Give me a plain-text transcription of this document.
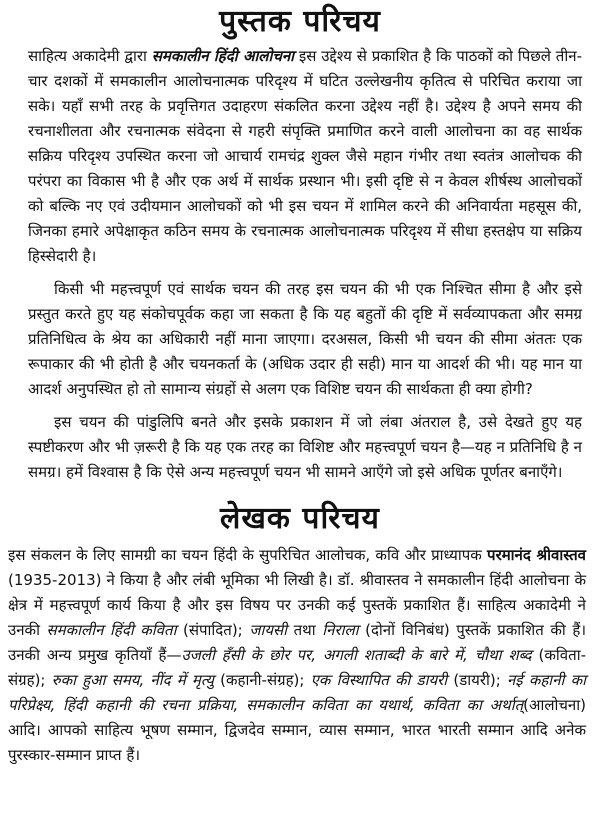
पुस्तक परिचय

साहित्य अकादेमी द्वारा समकालीन हिंदी आलोचना इस उद्देश्य से प्रकाशित है कि पाठकों को पिछले तीन-चार दशकों में समकालीन आलोचनात्मक परिदृश्य में घटित उल्लेखनीय कृतित्व से परिचित कराया जा सके। यहाँ सभी तरह के प्रवृत्तिगत उदाहरण संकलित करना उद्देश्य नहीं है। उद्देश्य है अपने समय की रचनाशीलता और रचनात्मक संवेदना से गहरी संपृक्ति प्रमाणित करने वाली आलोचना का वह सार्थक सक्रिय परिदृश्य उपस्थित करना जो आचार्य रामचंद्र शुक्ल जैसे महान गंभीर तथा स्वतंत्र आलोचक की परंपरा का विकास भी है और एक अर्थ में सार्थक प्रस्थान भी। इसी दृष्टि से न केवल शीर्षस्थ आलोचकों को बल्कि नए एवं उदीयमान आलोचकों को भी इस चयन में शामिल करने की अनिवार्यता महसूस की, जिनका हमारे अपेक्षाकृत कठिन समय के रचनात्मक आलोचनात्मक परिदृश्य में सीधा हस्तक्षेप या सक्रिय हिस्सेदारी है।

किसी भी महत्त्वपूर्ण एवं सार्थक चयन की तरह इस चयन की भी एक निश्चित सीमा है और इसे प्रस्तुत करते हुए यह संकोचपूर्वक कहा जा सकता है कि यह बहुतों की दृष्टि में सर्वव्यापकता और समग्र प्रतिनिधित्व के श्रेय का अधिकारी नहीं माना जाएगा। दरअसल, किसी भी चयन की सीमा अंततः एक रूपाकार की भी होती है और चयनकर्ता के (अधिक उदार ही सही) मान या आदर्श की भी। यह मान या आदर्श अनुपस्थित हो तो सामान्य संग्रहों से अलग एक विशिष्ट चयन की सार्थकता ही क्या होगी?

इस चयन की पांडुलिपि बनते और इसके प्रकाशन में जो लंबा अंतराल है, उसे देखते हुए यह स्पष्टीकरण और भी ज़रूरी है कि यह एक तरह का विशिष्ट और महत्त्वपूर्ण चयन है—यह न प्रतिनिधि है न समग्र। हमें विश्वास है कि ऐसे अन्य महत्त्वपूर्ण चयन भी सामने आएँगे जो इसे अधिक पूर्णतर बनाएँगे।

लेखक परिचय

इस संकलन के लिए सामग्री का चयन हिंदी के सुपरिचित आलोचक, कवि और प्राध्यापक परमानंद श्रीवास्तव (1935-2013) ने किया है और लंबी भूमिका भी लिखी है। डॉ. श्रीवास्तव ने समकालीन हिंदी आलोचना के क्षेत्र में महत्त्वपूर्ण कार्य किया है और इस विषय पर उनकी कई पुस्तकें प्रकाशित हैं। साहित्य अकादेमी ने उनकी समकालीन हिंदी कविता (संपादित); जायसी तथा निराला (दोनों विनिबंध) पुस्तकें प्रकाशित की हैं। उनकी अन्य प्रमुख कृतियाँ हैं—उजली हँसी के छोर पर, अगली शताब्दी के बारे में, चौथा शब्द (कविता-संग्रह); रुका हुआ समय, नींद में मृत्यु (कहानी-संग्रह); एक विस्थापित की डायरी (डायरी); नई कहानी का परिप्रेक्ष्य, हिंदी कहानी की रचना प्रक्रिया, समकालीन कविता का यथार्थ, कविता का अर्थात्(आलोचना) आदि। आपको साहित्य भूषण सम्मान, द्विजदेव सम्मान, व्यास सम्मान, भारत भारती सम्मान आदि अनेक पुरस्कार-सम्मान प्राप्त हैं।
